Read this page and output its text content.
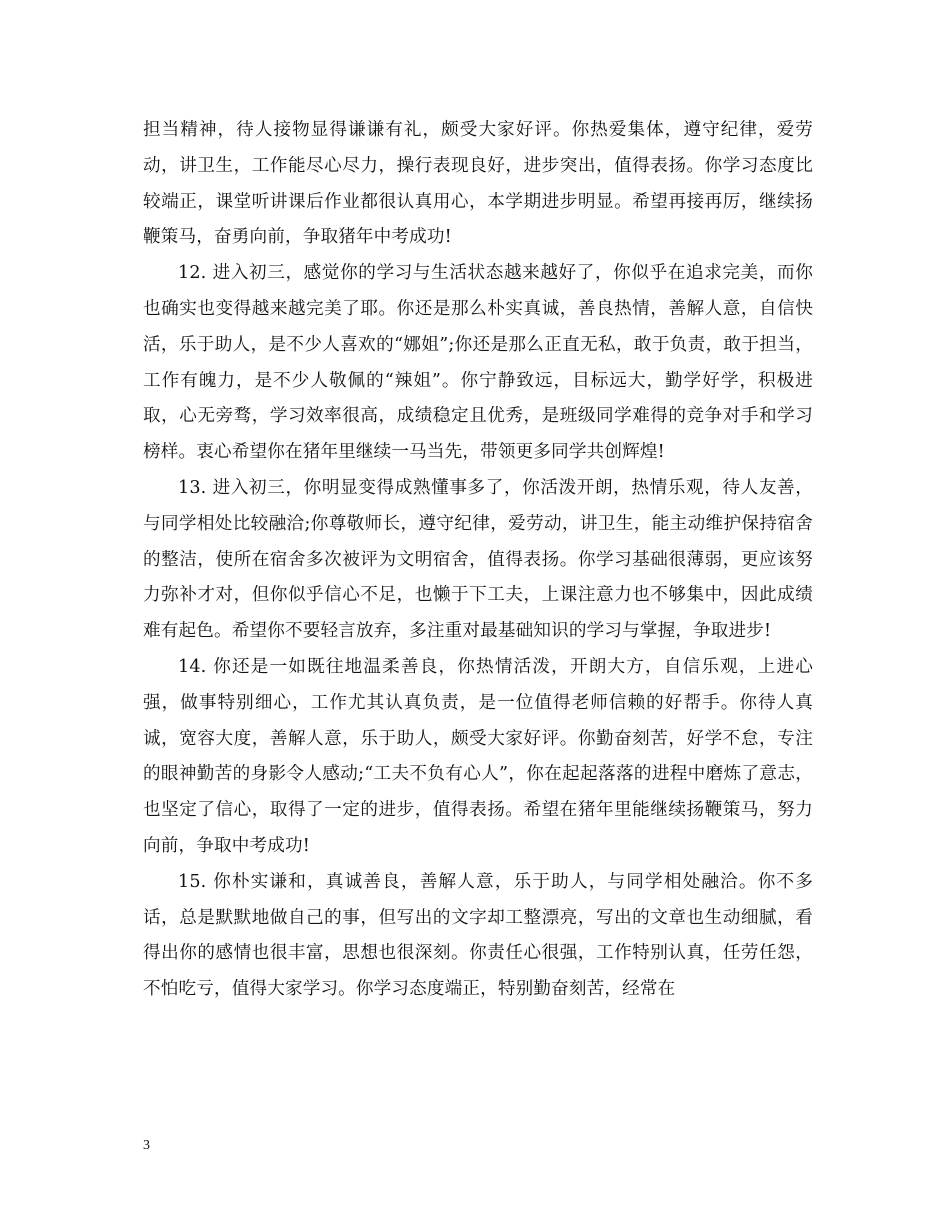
担当精神，待人接物显得谦谦有礼，颇受大家好评。你热爱集体，遵守纪律，爱劳动，讲卫生，工作能尽心尽力，操行表现良好，进步突出，值得表扬。你学习态度比较端正，课堂听讲课后作业都很认真用心，本学期进步明显。希望再接再厉，继续扬鞭策马，奋勇向前，争取猪年中考成功!

12. 进入初三，感觉你的学习与生活状态越来越好了，你似乎在追求完美，而你也确实也变得越来越完美了耶。你还是那么朴实真诚，善良热情，善解人意，自信快活，乐于助人，是不少人喜欢的“娜姐”;你还是那么正直无私，敢于负责，敢于担当，工作有魄力，是不少人敬佩的“辣姐”。你宁静致远，目标远大，勤学好学，积极进取，心无旁骛，学习效率很高，成绩稳定且优秀，是班级同学难得的竞争对手和学习榜样。衷心希望你在猪年里继续一马当先，带领更多同学共创辉煌!

13. 进入初三，你明显变得成熟懂事多了，你活泼开朗，热情乐观，待人友善，与同学相处比较融洽;你尊敬师长，遵守纪律，爱劳动，讲卫生，能主动维护保持宿舍的整洁，使所在宿舍多次被评为文明宿舍，值得表扬。你学习基础很薄弱，更应该努力弥补才对，但你似乎信心不足，也懒于下工夫，上课注意力也不够集中，因此成绩难有起色。希望你不要轻言放弃，多注重对最基础知识的学习与掌握，争取进步!

14. 你还是一如既往地温柔善良，你热情活泼，开朗大方，自信乐观，上进心强，做事特别细心，工作尤其认真负责，是一位值得老师信赖的好帮手。你待人真诚，宽容大度，善解人意，乐于助人，颇受大家好评。你勤奋刻苦，好学不怠，专注的眼神勤苦的身影令人感动;“工夫不负有心人”，你在起起落落的进程中磨炼了意志，也坚定了信心，取得了一定的进步，值得表扬。希望在猪年里能继续扬鞭策马，努力向前，争取中考成功!

15. 你朴实谦和，真诚善良，善解人意，乐于助人，与同学相处融洽。你不多话，总是默默地做自己的事，但写出的文字却工整漂亮，写出的文章也生动细腻，看得出你的感情也很丰富，思想也很深刻。你责任心很强，工作特别认真，任劳任怨，不怕吃亏，值得大家学习。你学习态度端正，特别勤奋刻苦，经常在

3
